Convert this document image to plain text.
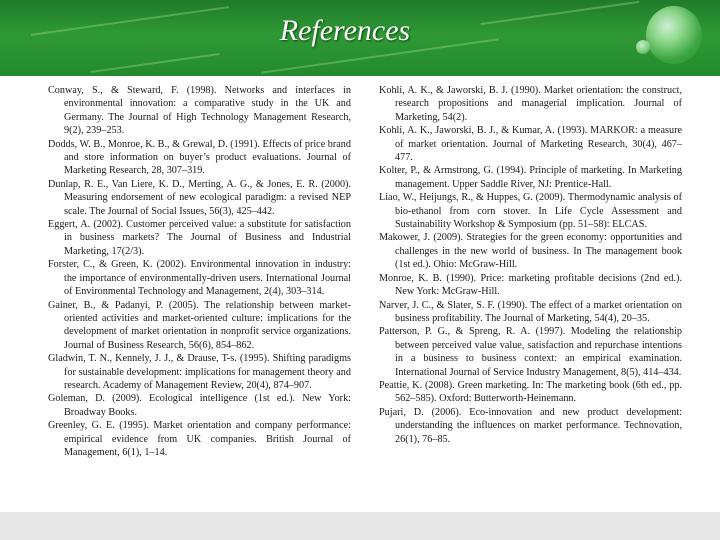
References

Conway, S., & Steward, F. (1998). Networks and interfaces in environmental innovation: a comparative study in the UK and Germany. The Journal of High Technology Management Research, 9(2), 239–253.

Dodds, W. B., Monroe, K. B., & Grewal, D. (1991). Effects of price brand and store information on buyer’s product evaluations. Journal of Marketing Research, 28, 307–319.

Dunlap, R. E., Van Liere, K. D., Merting, A. G., & Jones, E. R. (2000). Measuring endorsement of new ecological paradigm: a revised NEP scale. The Journal of Social Issues, 56(3), 425–442.

Eggert, A. (2002). Customer perceived value: a substitute for satisfaction in business markets? The Journal of Business and Industrial Marketing, 17(2/3).

Forster, C., & Green, K. (2002). Environmental innovation in industry: the importance of environmentally-driven users. International Journal of Environmental Technology and Management, 2(4), 303–314.

Gainer, B., & Padanyi, P. (2005). The relationship between market-oriented activities and market-oriented culture: implications for the development of market orientation in nonprofit service organizations. Journal of Business Research, 56(6), 854–862.

Gladwin, T. N., Kennely, J. J., & Drause, T-s. (1995). Shifting paradigms for sustainable development: implications for management theory and research. Academy of Management Review, 20(4), 874–907.

Goleman, D. (2009). Ecological intelligence (1st ed.). New York: Broadway Books.

Greenley, G. E. (1995). Market orientation and company performance: empirical evidence from UK companies. British Journal of Management, 6(1), 1–14.

Kohli, A. K., & Jaworski, B. J. (1990). Market orientation: the construct, research propositions and managerial implication. Journal of Marketing, 54(2).

Kohli, A. K., Jaworski, B. J., & Kumar, A. (1993). MARKOR: a measure of market orientation. Journal of Marketing Research, 30(4), 467–477.

Kolter, P., & Armstrong, G. (1994). Principle of marketing. In Marketing management. Upper Saddle River, NJ: Prentice-Hall.

Liao, W., Heijungs, R., & Huppes, G. (2009). Thermodynamic analysis of bio-ethanol from corn stover. In Life Cycle Assessment and Sustainability Workshop & Symposium (pp. 51–58): ELCAS.

Makower, J. (2009). Strategies for the green economy: opportunities and challenges in the new world of business. In The management book (1st ed.). Ohio: McGraw-Hill.

Monroe, K. B. (1990). Price: marketing profitable decisions (2nd ed.). New York: McGraw-Hill.

Narver, J. C., & Slater, S. F. (1990). The effect of a market orientation on business profitability. The Journal of Marketing, 54(4), 20–35.

Patterson, P. G., & Spreng, R. A. (1997). Modeling the relationship between perceived value value, satisfaction and repurchase intentions in a business to business context: an empirical examination. International Journal of Service Industry Management, 8(5), 414–434.

Peattie, K. (2008). Green marketing. In: The marketing book (6th ed., pp. 562–585). Oxford: Butterworth-Heinemann.

Pujari, D. (2006). Eco-innovation and new product development: understanding the influences on market performance. Technovation, 26(1), 76–85.
